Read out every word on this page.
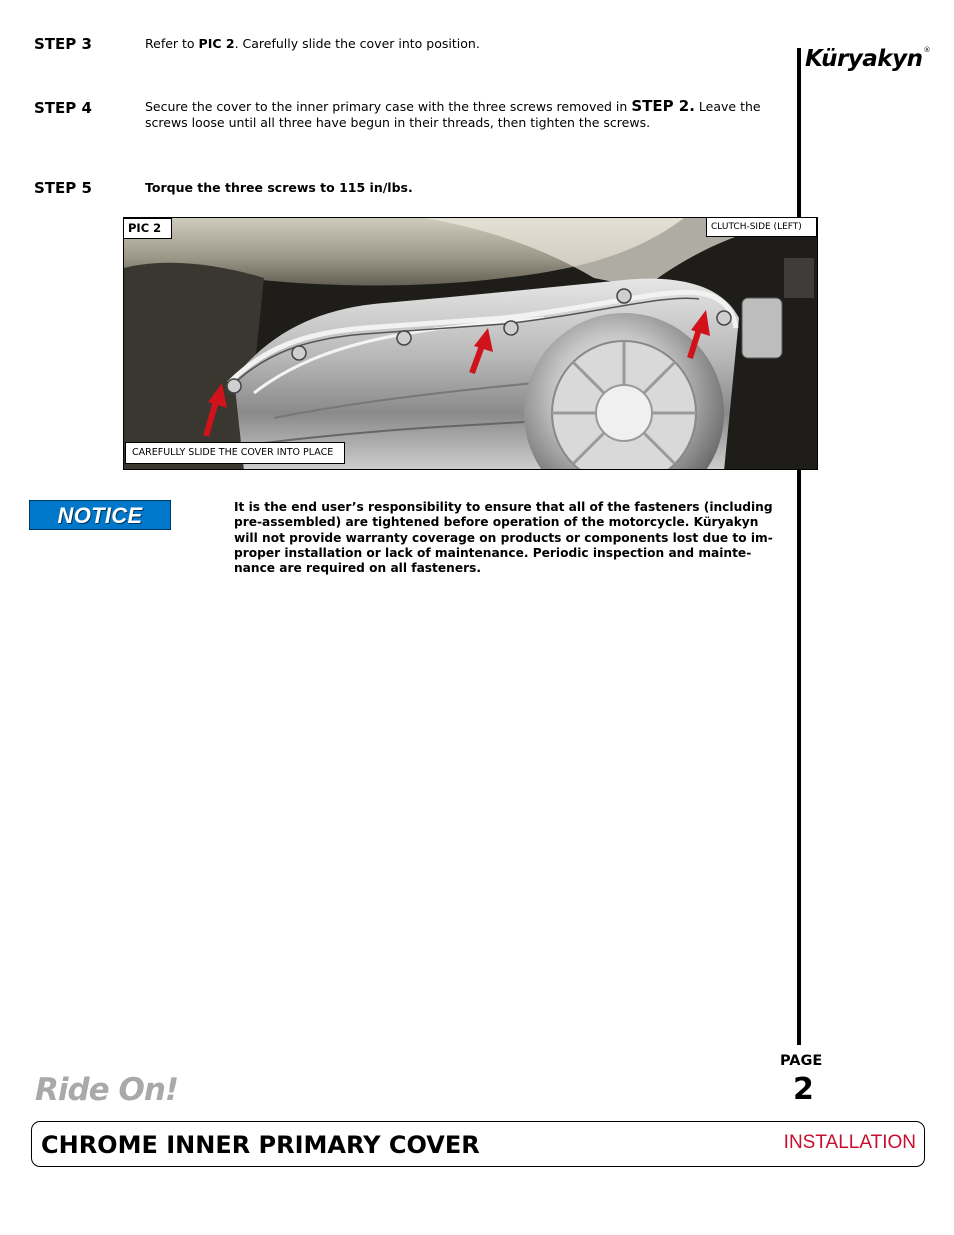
STEP 3	Refer to PIC 2. Carefully slide the cover into position.
STEP 4	Secure the cover to the inner primary case with the three screws removed in STEP 2. Leave the
screws loose until all three have begun in their threads, then tighten the screws.
STEP 5	Torque the three screws to 115 in/lbs.
Küryakyn®
PIC 2	CLUTCH-SIDE (LEFT)
CAREFULLY SLIDE THE COVER INTO PLACE
NOTICE	It is the end user’s responsibility to ensure that all of the fasteners (including
pre-assembled) are tightened before operation of the motorcycle. Küryakyn
will not provide warranty coverage on products or components lost due to im-
proper installation or lack of maintenance. Periodic inspection and mainte-
nance are required on all fasteners.
PAGE
2
Ride On!
CHROME INNER PRIMARY COVER	INSTALLATION
